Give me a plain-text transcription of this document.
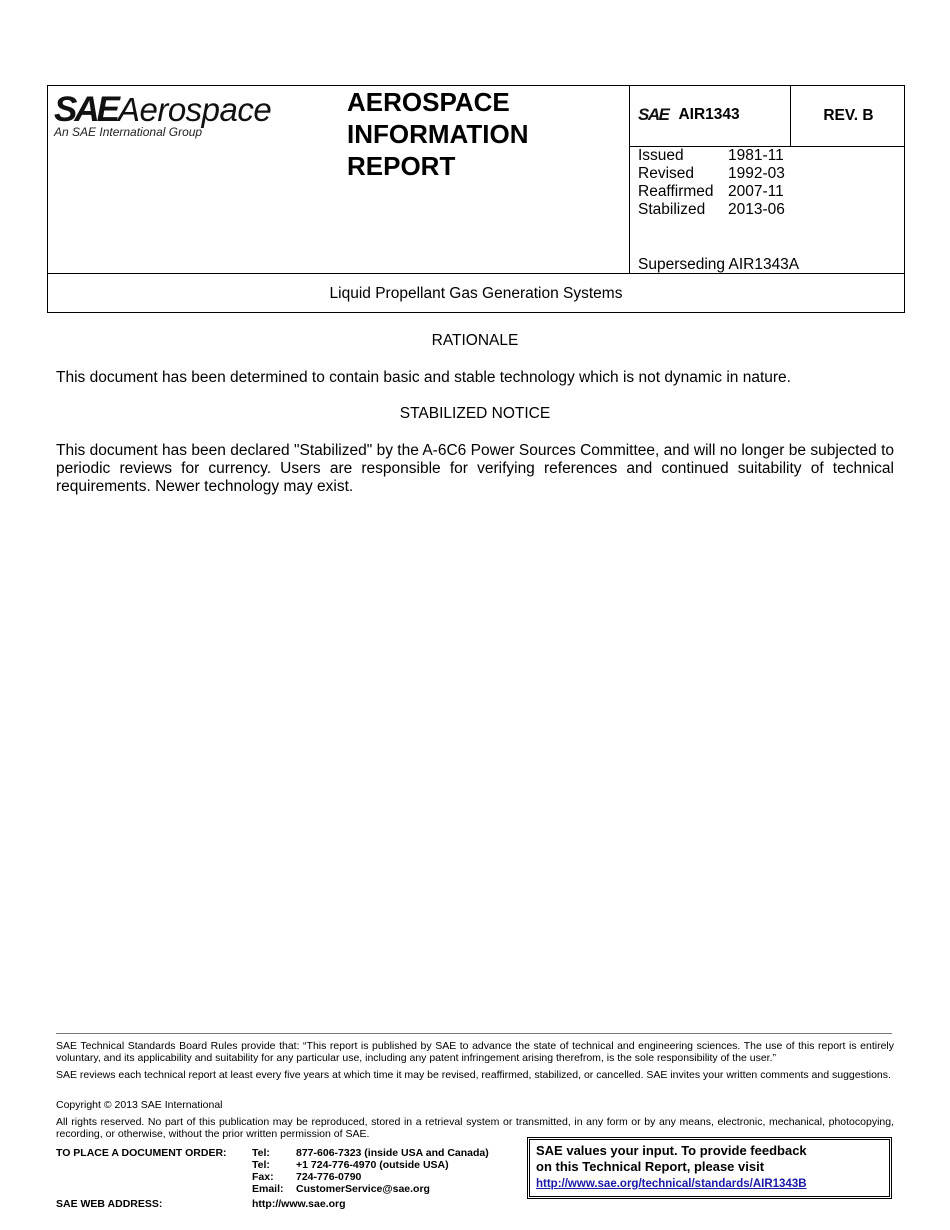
SAE Aerospace
An SAE International Group
AEROSPACE
INFORMATION
REPORT
SAE AIR1343	REV. B
Issued	1981-11
Revised	1992-03
Reaffirmed 2007-11
Stabilized	2013-06
Superseding AIR1343A
Liquid Propellant Gas Generation Systems
RATIONALE
This document has been determined to contain basic and stable technology which is not dynamic in nature.
STABILIZED NOTICE
This document has been declared "Stabilized" by the A-6C6 Power Sources Committee, and will no longer be subjected to periodic reviews for currency. Users are responsible for verifying references and continued suitability of technical requirements. Newer technology may exist.
SAE Technical Standards Board Rules provide that: “This report is published by SAE to advance the state of technical and engineering sciences. The use of this report is entirely voluntary, and its applicability and suitability for any particular use, including any patent infringement arising therefrom, is the sole responsibility of the user.”
SAE reviews each technical report at least every five years at which time it may be revised, reaffirmed, stabilized, or cancelled. SAE invites your written comments and suggestions.
Copyright © 2013 SAE International
All rights reserved. No part of this publication may be reproduced, stored in a retrieval system or transmitted, in any form or by any means, electronic, mechanical, photocopying, recording, or otherwise, without the prior written permission of SAE.
TO PLACE A DOCUMENT ORDER: Tel:	877-606-7323 (inside USA and Canada)
Tel:	+1 724-776-4970 (outside USA)
Fax:	724-776-0790
Email:	CustomerService@sae.org
SAE WEB ADDRESS:	http://www.sae.org
SAE values your input. To provide feedback
on this Technical Report, please visit
http://www.sae.org/technical/standards/AIR1343B
